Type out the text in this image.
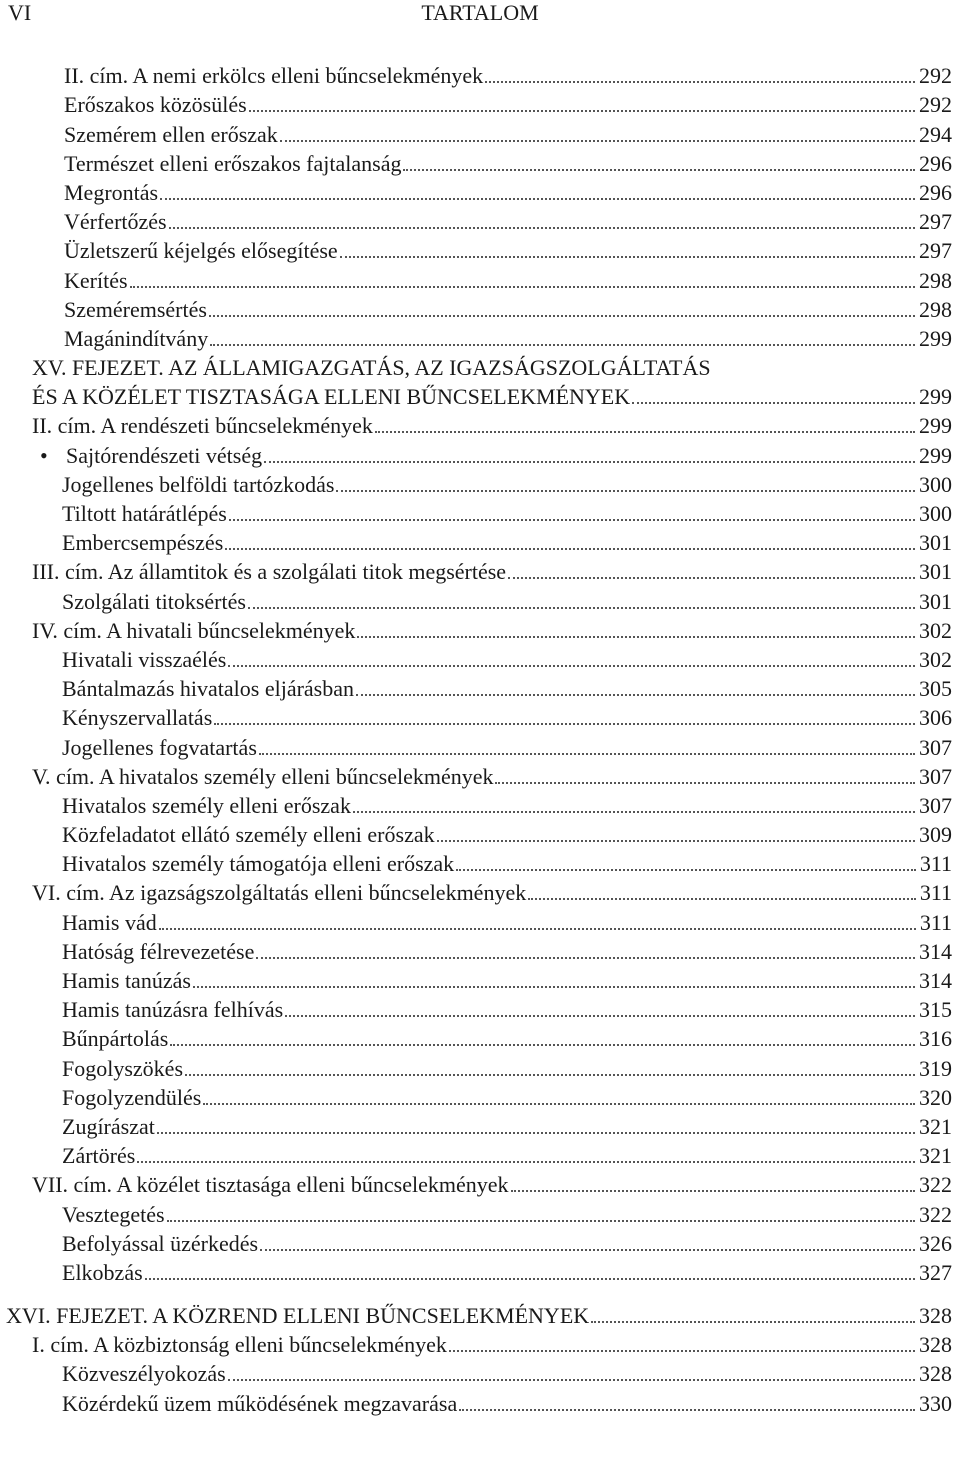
VI	TARTALOM
II. cím. A nemi erkölcs elleni bűncselekmények	292
Erőszakos közösülés	292
Szemérem ellen erőszak	294
Természet elleni erőszakos fajtalanság	296
Megrontás	296
Vérfertőzés	297
Üzletszerű kéjelgés elősegítése	297
Kerítés	298
Szeméremsértés	298
Magánindítvány	299
XV. FEJEZET. AZ ÁLLAMIGAZGATÁS, AZ IGAZSÁGSZOLGÁLTATÁS
ÉS A KÖZÉLET TISZTASÁGA ELLENI BŰNCSELEKMÉNYEK	299
II. cím. A rendészeti bűncselekmények	299
• Sajtórendészeti vétség	299
Jogellenes belföldi tartózkodás	300
Tiltott határátlépés	300
Embercsempészés	301
III. cím. Az államtitok és a szolgálati titok megsértése	301
Szolgálati titoksértés	301
IV. cím. A hivatali bűncselekmények	302
Hivatali visszaélés	302
Bántalmazás hivatalos eljárásban	305
Kényszervallatás	306
Jogellenes fogvatartás	307
V. cím. A hivatalos személy elleni bűncselekmények	307
Hivatalos személy elleni erőszak	307
Közfeladatot ellátó személy elleni erőszak	309
Hivatalos személy támogatója elleni erőszak	311
VI. cím. Az igazságszolgáltatás elleni bűncselekmények	311
Hamis vád	311
Hatóság félrevezetése	314
Hamis tanúzás	314
Hamis tanúzásra felhívás	315
Bűnpártolás	316
Fogolyszökés	319
Fogolyzendülés	320
Zugírászat	321
Zártörés	321
VII. cím. A közélet tisztasága elleni bűncselekmények	322
Vesztegetés	322
Befolyással üzérkedés	326
Elkobzás	327
XVI. FEJEZET. A KÖZREND ELLENI BŰNCSELEKMÉNYEK	328
I. cím. A közbiztonság elleni bűncselekmények	328
Közveszélyokozás	328
Közérdekű üzem működésének megzavarása	330
